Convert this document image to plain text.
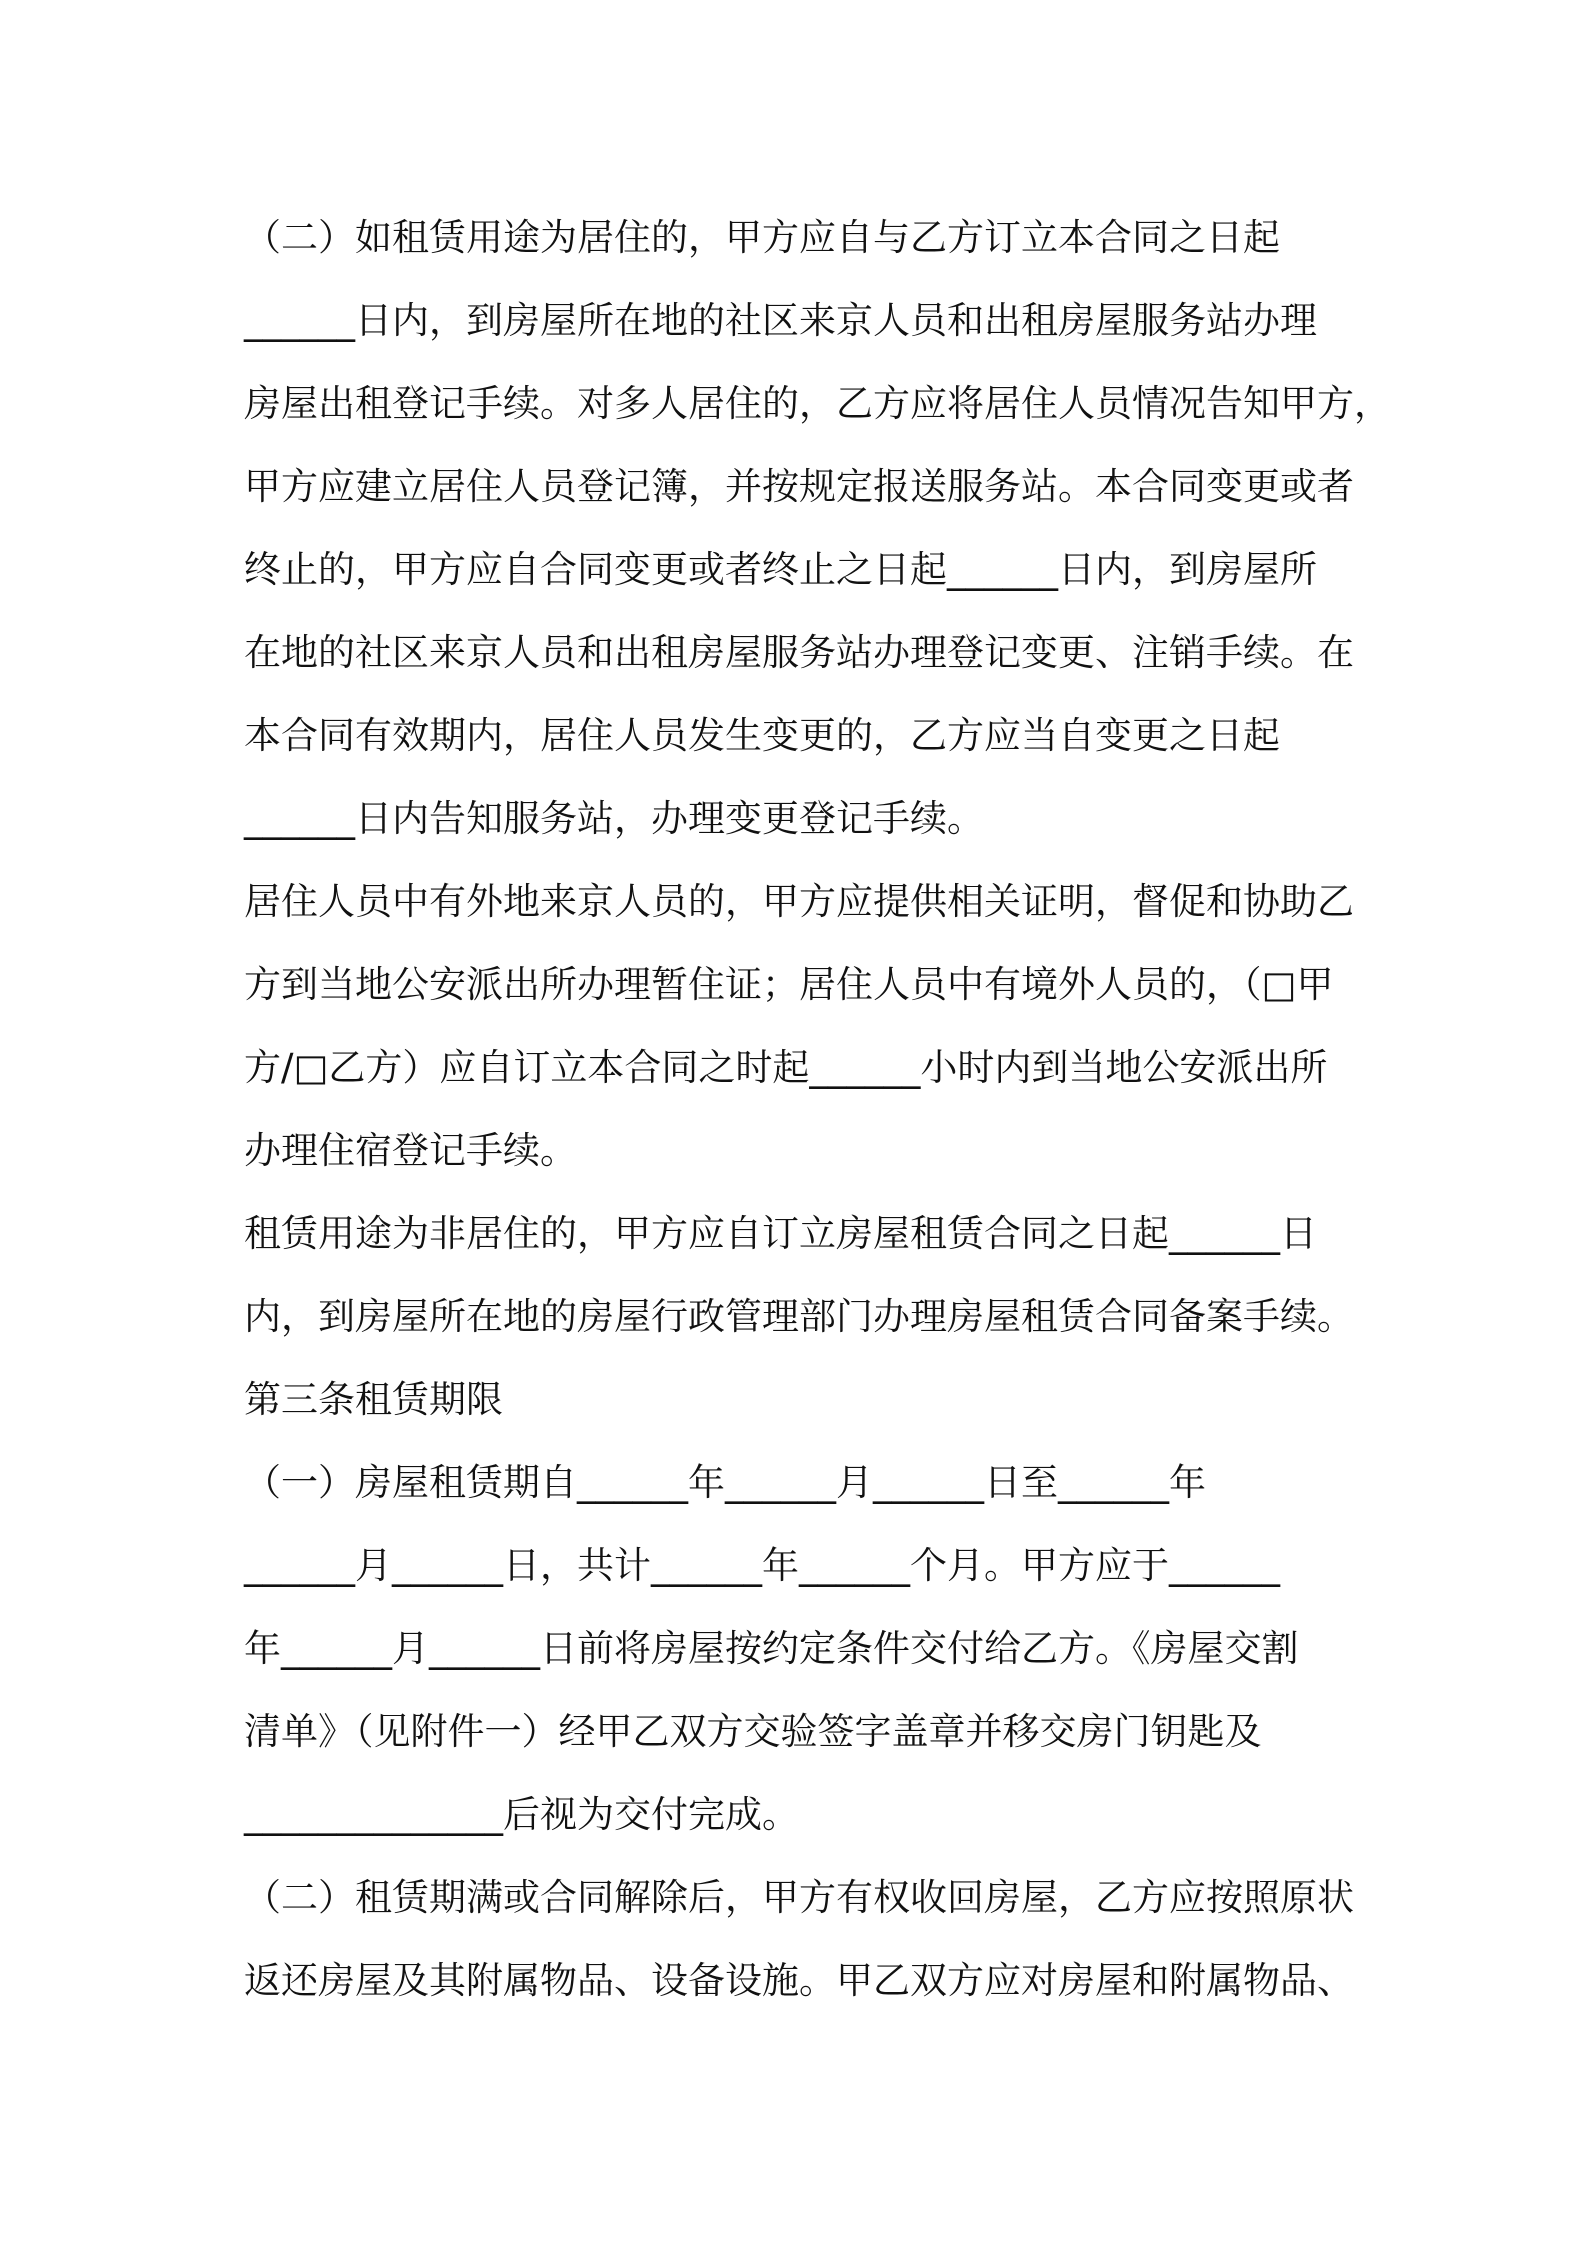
（二）如租赁用途为居住的，甲方应自与乙方订立本合同之日起
______日内，到房屋所在地的社区来京人员和出租房屋服务站办理
房屋出租登记手续。对多人居住的，乙方应将居住人员情况告知甲方，
甲方应建立居住人员登记簿，并按规定报送服务站。本合同变更或者
终止的，甲方应自合同变更或者终止之日起______日内，到房屋所
在地的社区来京人员和出租房屋服务站办理登记变更、注销手续。在
本合同有效期内，居住人员发生变更的，乙方应当自变更之日起
______日内告知服务站，办理变更登记手续。
居住人员中有外地来京人员的，甲方应提供相关证明，督促和协助乙
方到当地公安派出所办理暂住证；居住人员中有境外人员的，（□甲
方/□乙方）应自订立本合同之时起______小时内到当地公安派出所
办理住宿登记手续。
租赁用途为非居住的，甲方应自订立房屋租赁合同之日起______日
内，到房屋所在地的房屋行政管理部门办理房屋租赁合同备案手续。
第三条租赁期限
（一）房屋租赁期自______年______月______日至______年
______月______日，共计______年______个月。甲方应于______
年______月______日前将房屋按约定条件交付给乙方。《房屋交割
清单》（见附件一）经甲乙双方交验签字盖章并移交房门钥匙及
______________后视为交付完成。
（二）租赁期满或合同解除后，甲方有权收回房屋，乙方应按照原状
返还房屋及其附属物品、设备设施。甲乙双方应对房屋和附属物品、
